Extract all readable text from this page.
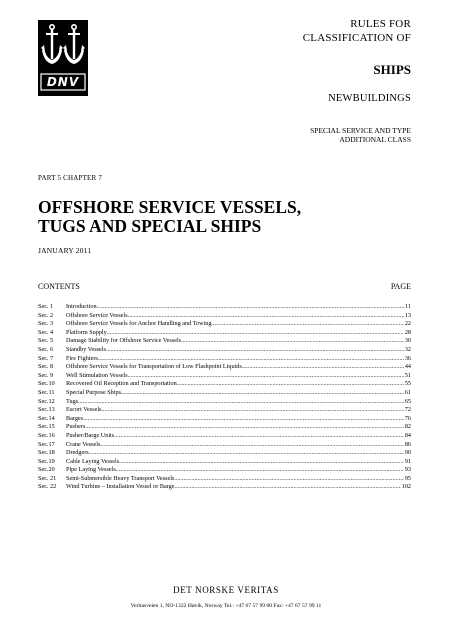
DNV
RULES FOR
CLASSIFICATION OF
SHIPS
NEWBUILDINGS
SPECIAL SERVICE AND TYPE
ADDITIONAL CLASS
PART 5 CHAPTER 7
OFFSHORE SERVICE VESSELS,
TUGS AND SPECIAL SHIPS
JANUARY 2011
CONTENTS	PAGE
Sec. 1	Introduction .....	11
Sec. 2	Offshore Service Vessels .....	13
Sec. 3	Offshore Service Vessels for Anchor Handling and Towing .....	22
Sec. 4	Platform Supply .....	28
Sec. 5	Damage Stability for Offshore Service Vessels .....	30
Sec. 6	Standby Vessels .....	32
Sec. 7	Fire Fighters .....	36
Sec. 8	Offshore Service Vessels for Transportation of Low Flashpoint Liquids .....	44
Sec. 9	Well Stimulation Vessels .....	51
Sec.10	Recovered Oil Reception and Transportation .....	55
Sec.11	Special Purpose Ships .....	61
Sec.12	Tugs .....	65
Sec.13	Escort Vessels .....	72
Sec.14	Barges .....	76
Sec.15	Pushers .....	82
Sec.16	Pusher/Barge Units .....	84
Sec.17	Crane Vessels .....	86
Sec.18	Dredgers .....	90
Sec.19	Cable Laying Vessels .....	91
Sec.20	Pipe Laying Vessels .....	93
Sec. 21	Semi-Submersible Heavy Transport Vessels .....	95
Sec. 22	Wind Turbine – Installation Vessel or Barge .....	102
DET NORSKE VERITAS
Veritasveien 1, NO-1322 Høvik, Norway Tel.: +47 67 57 99 00 Fax: +47 67 57 99 11
